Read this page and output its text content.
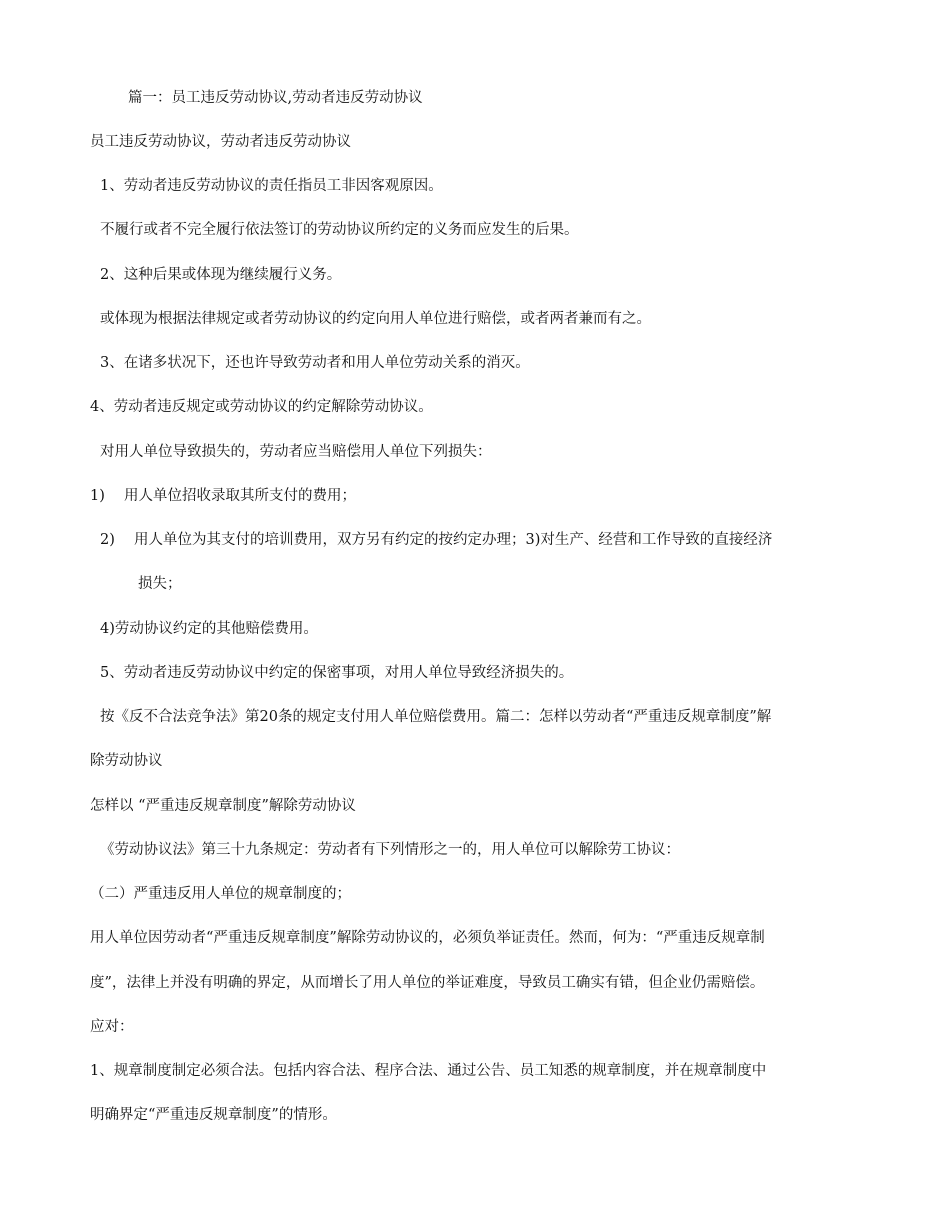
篇一：员工违反劳动协议,劳动者违反劳动协议
员工违反劳动协议，劳动者违反劳动协议
1、劳动者违反劳动协议的责任指员工非因客观原因。
不履行或者不完全履行依法签订的劳动协议所约定的义务而应发生的后果。
2、这种后果或体现为继续履行义务。
或体现为根据法律规定或者劳动协议的约定向用人单位进行赔偿，或者两者兼而有之。
3、在诸多状况下，还也许导致劳动者和用人单位劳动关系的消灭。
4、劳动者违反规定或劳动协议的约定解除劳动协议。
对用人单位导致损失的，劳动者应当赔偿用人单位下列损失：
1)　 用人单位招收录取其所支付的费用；
2)　 用人单位为其支付的培训费用，双方另有约定的按约定办理；3)对生产、经营和工作导致的直接经济
损失；
4)劳动协议约定的其他赔偿费用。
5、劳动者违反劳动协议中约定的保密事项，对用人单位导致经济损失的。
按《反不合法竞争法》第20条的规定支付用人单位赔偿费用。篇二：怎样以劳动者“严重违反规章制度”解
除劳动协议
怎样以 “严重违反规章制度”解除劳动协议
《劳动协议法》第三十九条规定：劳动者有下列情形之一的，用人单位可以解除劳工协议：
（二）严重违反用人单位的规章制度的；
用人单位因劳动者“严重违反规章制度”解除劳动协议的，必须负举证责任。然而，何为：“严重违反规章制
度”，法律上并没有明确的界定，从而增长了用人单位的举证难度，导致员工确实有错，但企业仍需赔偿。
应对：
1、规章制度制定必须合法。包括内容合法、程序合法、通过公告、员工知悉的规章制度，并在规章制度中
明确界定“严重违反规章制度”的情形。
